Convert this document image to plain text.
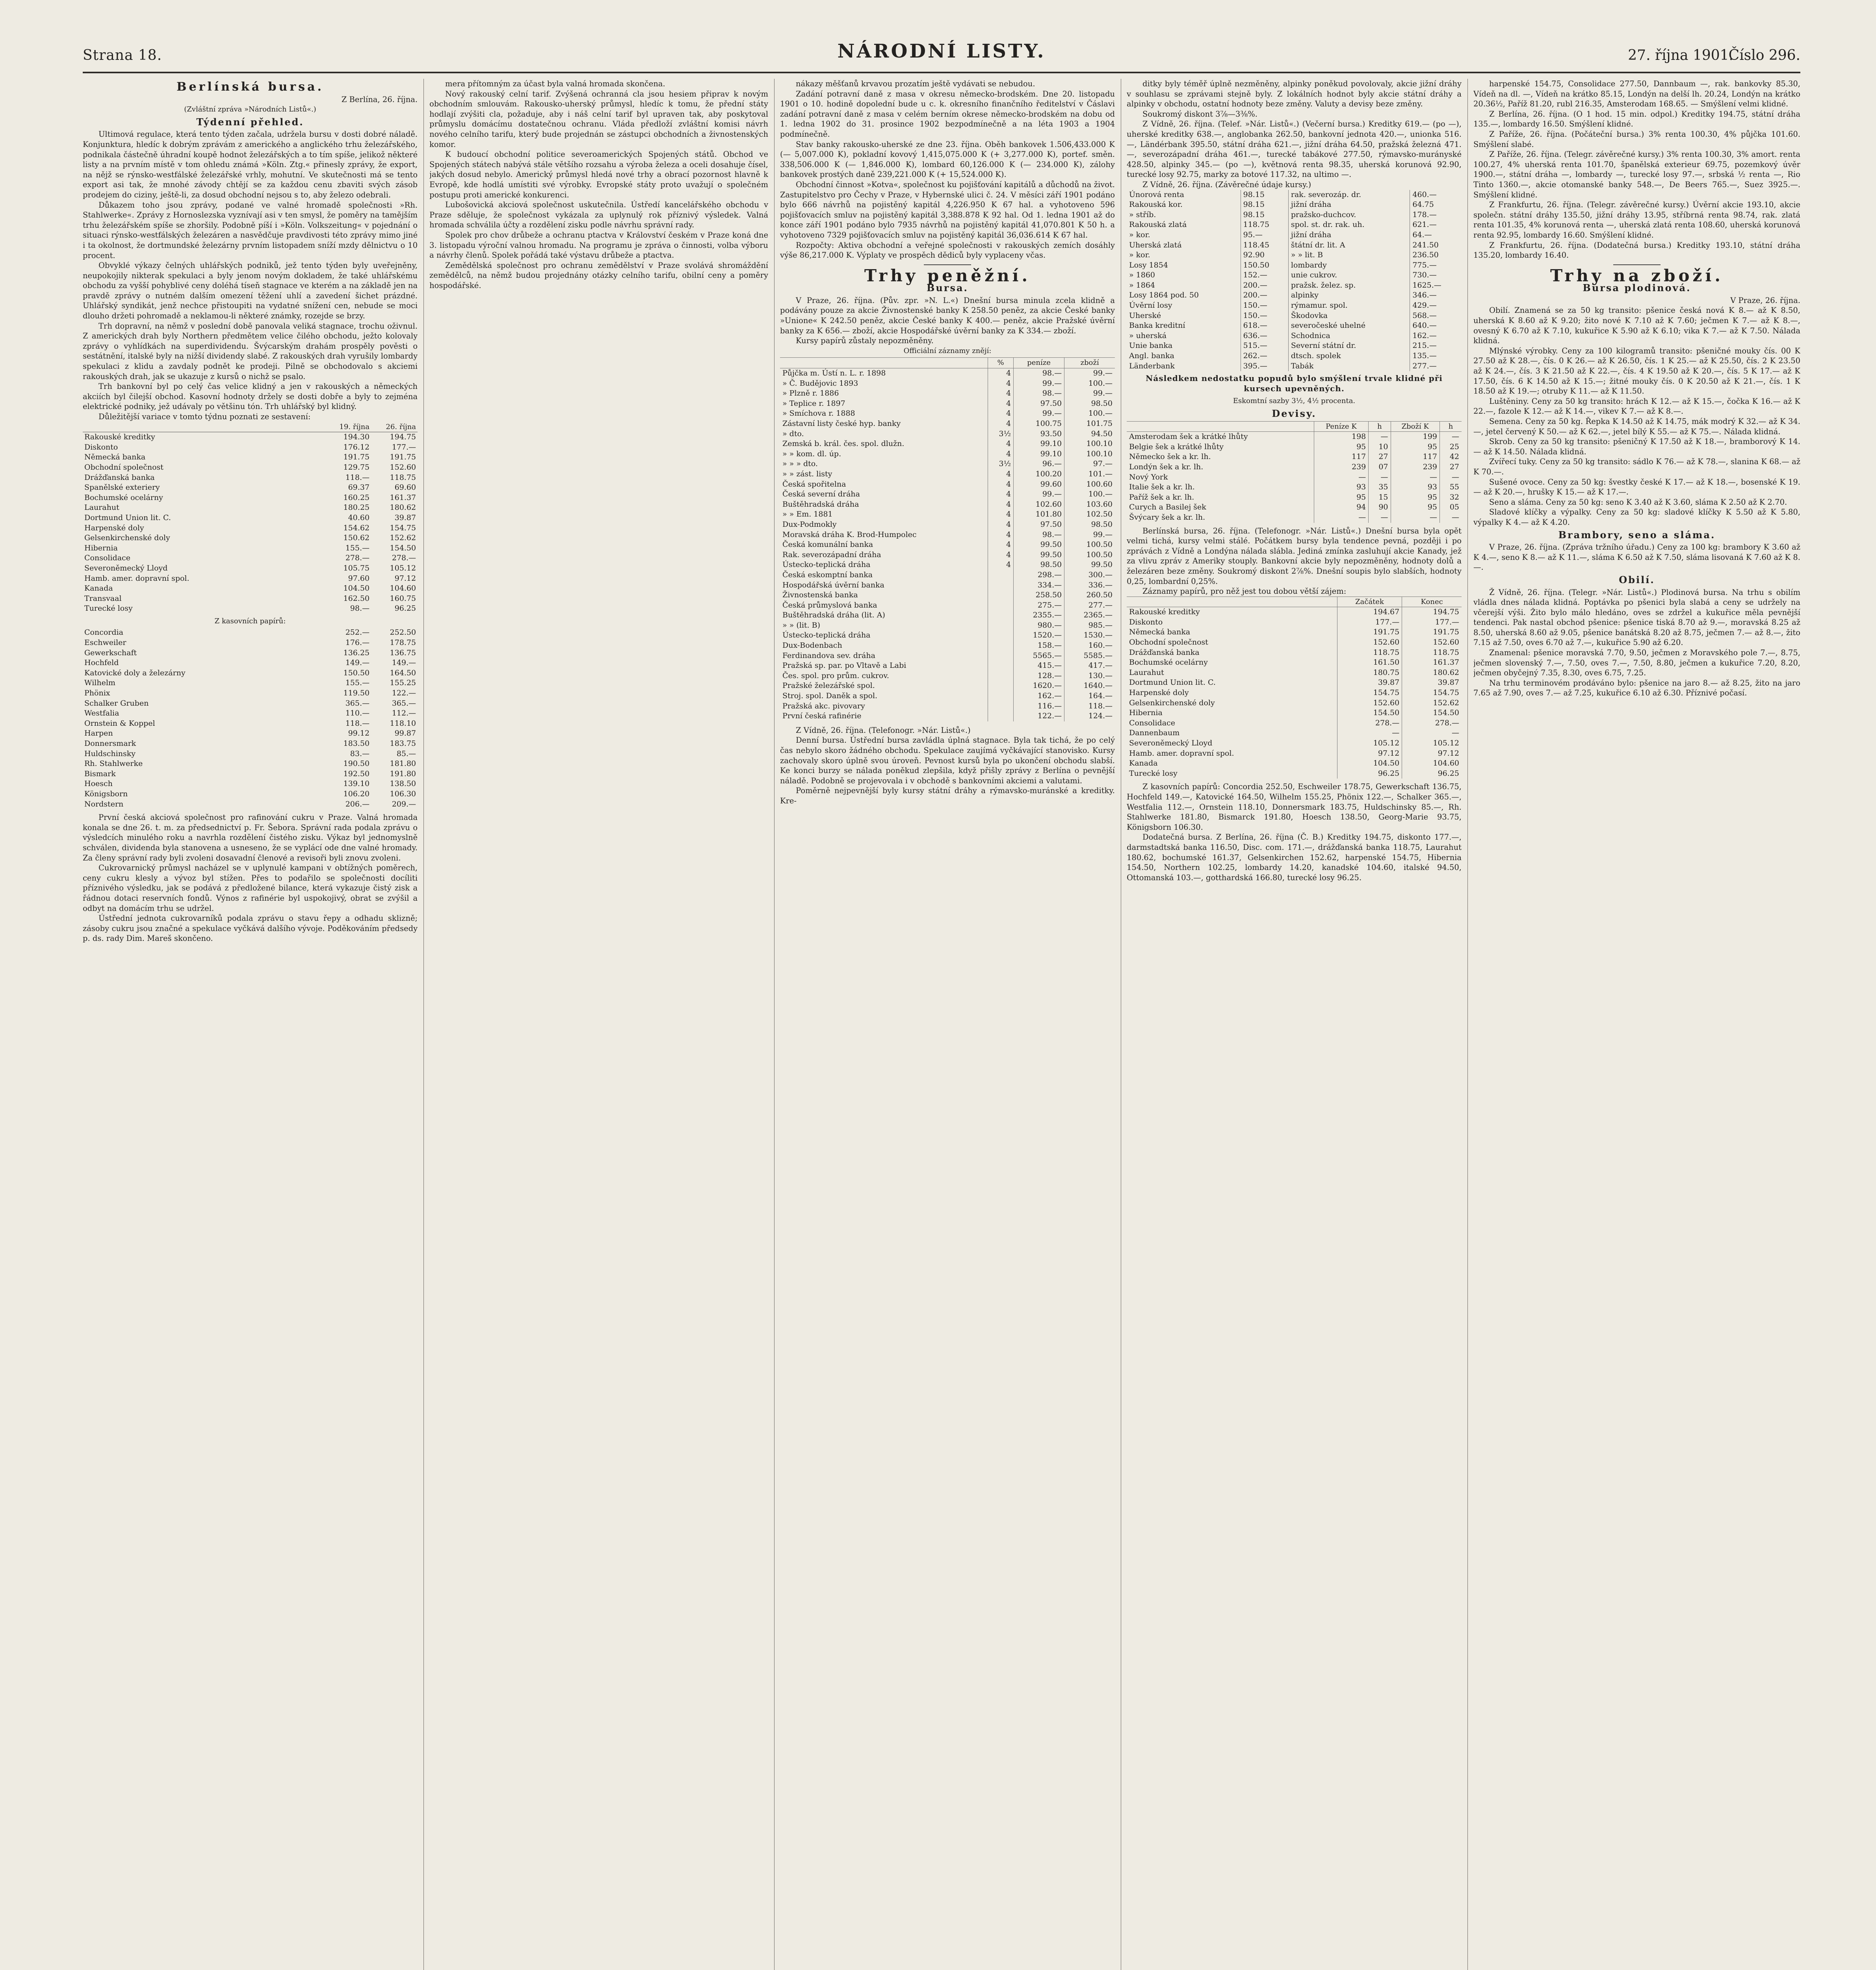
Strana 18.	NÁRODNÍ LISTY.	27. října 1901.
Číslo 296.
Berlínská bursa.
Z Berlína, 26. října.
(Zvláštní zpráva »Národních Listů«.)
Týdenní přehled.

Ultimová regulace, která tento týden začala, udržela bursu v dosti dobré náladě. Konjunktura, hledíc k dobrým zprávám z amerického a anglického trhu železářského, podnikala částečně úhradní koupě hodnot železářských a to tím spíše, jelikož některé listy a na prvním místě v tom ohledu známá »Köln. Ztg.« přinesly zprávy, že export, na nějž se rýnsko-westfálské železářské vrhly, mohutní. Ve skutečnosti má se tento export asi tak, že mnohé závody chtějí se za každou cenu zbaviti svých zásob prodejem do ciziny, ještě-li, za dosud obchodní nejsou s to, aby železo odebrali.

Důkazem toho jsou zprávy, podané ve valné hromadě společnosti »Rh. Stahlwerke«. Zprávy z Hornoslezska vyznívají asi v ten smysl, že poměry na tamějším trhu železářském spíše se zhoršily. Podobně píší i »Köln. Volkszeitung« v pojednání o situaci rýnsko-westfálských železáren a nasvědčuje pravdivosti této zprávy mimo jiné i ta okolnost, že dortmundské železárny prvním listopadem sníží mzdy dělnictvu o 10 procent.

Obvyklé výkazy čelných uhlářských podniků, jež tento týden byly uveřejněny, neupokojily nikterak spekulaci a byly jenom novým dokladem, že také uhlářskému obchodu za vyšší pohyblivé ceny doléhá tíseň stagnace ve kterém a na základě jen na pravdě zprávy o nutném dalším omezení těžení uhlí a zavedení šichet prázdné. Uhlářský syndikát, jenž nechce přistoupiti na vydatné snížení cen, nebude se moci dlouho držeti pohromadě a neklamou-li některé známky, rozejde se brzy.

Trh dopravní, na němž v poslední době panovala veliká stagnace, trochu oživnul. Z amerických drah byly Northern předmětem velice čilého obchodu, ježto kolovaly zprávy o vyhlídkách na superdividendu. Švýcarským drahám prospěly pověsti o sestátnění, italské byly na nižší dividendy slabé. Z rakouských drah vyrušily lombardy spekulaci z klidu a zavdaly podnět ke prodeji. Pilně se obchodovalo s akciemi rakouských drah, jak se ukazuje z kursů o nichž se psalo.

Trh bankovní byl po celý čas velice klidný a jen v rakouských a německých akciích byl čilejší obchod. Kasovní hodnoty držely se dosti dobře a byly to zejména elektrické podniky, jež udávaly po většinu tón. Trh uhlářský byl klidný.

Důležitější variace v tomto týdnu poznati ze sestavení:

	19. října	26. října
Rakouské kreditky	194.30	194.75
Diskonto	176.12	177.—
Německá banka	191.75	191.75
Obchodní společnost	129.75	152.60
Drážďanská banka	118.—	118.75
Spanělské exteriery	69.37	69.60
Bochumské ocelárny	160.25	161.37
Laurahut	180.25	180.62
Dortmund Union lit. C.	40.60	39.87
Harpenské doly	154.62	154.75
Gelsenkirchenské doly	150.62	152.62
Hibernia	155.—	154.50
Consolidace	278.—	278.—
Severoněmecký Lloyd	105.75	105.12
Hamb. amer. dopravní spol.	97.60	97.12
Kanada	104.50	104.60
Transvaal	162.50	160.75
Turecké losy	98.—	96.25
Z kasovních papírů:
Concordia	252.—	252.50
Eschweiler	176.—	178.75
Gewerkschaft	136.25	136.75
Hochfeld	149.—	149.—
Katovické doly a železárny	150.50	164.50
Wilhelm	155.—	155.25
Phönix	119.50	122.—
Schalker Gruben	365.—	365.—
Westfalia	110.—	112.—
Ornstein & Koppel	118.—	118.10
Harpen	99.12	99.87
Donnersmark	183.50	183.75
Huldschinsky	83.—	85.—
Rh. Stahlwerke	190.50	181.80
Bismark	192.50	191.80
Hoesch	139.10	138.50
Königsborn	106.20	106.30
Nordstern	206.—	209.—

První česká akciová společnost pro rafinování cukru v Praze. Valná hromada konala se dne 26. t. m. za předsednictví p. Fr. Šebora. Správní rada podala zprávu o výsledcích minulého roku a navrhla rozdělení čistého zisku. Výkaz byl jednomyslně schválen, dividenda byla stanovena a usneseno, že se vyplácí ode dne valné hromady. Za členy správní rady byli zvoleni dosavadní členové a revisoři byli znovu zvoleni.

Cukrovarnický průmysl nacházel se v uplynulé kampani v obtížných poměrech, ceny cukru klesly a vývoz byl stížen. Přes to podařilo se společnosti docíliti příznivého výsledku, jak se podává z předložené bilance, která vykazuje čistý zisk a řádnou dotaci reservních fondů. Výnos z rafinérie byl uspokojivý, obrat se zvýšil a odbyt na domácím trhu se udržel.

Ústřední jednota cukrovarníků podala zprávu o stavu řepy a odhadu sklizně; zásoby cukru jsou značné a spekulace vyčkává dalšího vývoje. Poděkováním předsedy p. ds. rady Dim. Mareš skončeno.

mera přítomným za účast byla valná hromada skončena.

Nový rakouský celní tarif. Zvýšená ochranná cla jsou hesiem připrav k novým obchodním smlouvám. Rakousko-uherský průmysl, hledíc k tomu, že přední státy hodlají zvýšiti cla, požaduje, aby i náš celní tarif byl upraven tak, aby poskytoval průmyslu domácímu dostatečnou ochranu. Vláda předloží zvláštní komisi návrh nového celního tarifu, který bude projednán se zástupci obchodních a živnostenských komor.

K budoucí obchodní politice severoamerických Spojených států. Obchod ve Spojených státech nabývá stále většího rozsahu a výroba železa a oceli dosahuje čísel, jakých dosud nebylo. Americký průmysl hledá nové trhy a obrací pozornost hlavně k Evropě, kde hodlá umístiti své výrobky. Evropské státy proto uvažují o společném postupu proti americké konkurenci.

Lubošovická akciová společnost uskutečnila. Ústředí kancelářského obchodu v Praze sděluje, že společnost vykázala za uplynulý rok příznivý výsledek. Valná hromada schválila účty a rozdělení zisku podle návrhu správní rady.

Spolek pro chov drůbeže a ochranu ptactva v Království českém v Praze koná dne 3. listopadu výroční valnou hromadu. Na programu je zpráva o činnosti, volba výboru a návrhy členů. Spolek pořádá také výstavu drůbeže a ptactva.

Zemědělská společnost pro ochranu zemědělství v Praze svolává shromáždění zemědělců, na němž budou projednány otázky celního tarifu, obilní ceny a poměry hospodářské.

nákazy měšťanů krvavou prozatím ještě vydávati se nebudou.

Zadání potravní daně z masa v okresu německo-brodském. Dne 20. listopadu 1901 o 10. hodině dopolední bude u c. k. okresního finančního ředitelství v Čáslavi zadání potravní daně z masa v celém berním okrese německo-brodském na dobu od 1. ledna 1902 do 31. prosince 1902 bezpodmínečně a na léta 1903 a 1904 podmínečně.

Stav banky rakousko-uherské ze dne 23. října. Oběh bankovek 1.506,433.000 K (— 5,007.000 K), pokladní kovový 1,415,075.000 K (+ 3,277.000 K), portef. směn. 338,506.000 K (— 1,846.000 K), lombard 60,126.000 K (— 234.000 K), zálohy bankovek prostých daně 239,221.000 K (+ 15,524.000 K).

Obchodní činnost »Kotva«, společnost ku pojišťování kapitálů a důchodů na život. Zastupitelstvo pro Čechy v Praze, v Hybernské ulici č. 24. V měsíci září 1901 podáno bylo 666 návrhů na pojistěný kapitál 4,226.950 K 67 hal. a vyhotoveno 596 pojišťovacích smluv na pojistěný kapitál 3,388.878 K 92 hal. Od 1. ledna 1901 až do konce září 1901 podáno bylo 7935 návrhů na pojistěný kapitál 41,070.801 K 50 h. a vyhotoveno 7329 pojišťovacích smluv na pojistěný kapitál 36,036.614 K 67 hal.

Rozpočty: Aktiva obchodní a veřejné společnosti v rakouských zemích dosáhly výše 86,217.000 K. Výplaty ve prospěch dědiců byly vyplaceny včas.

Trhy peněžní.
Bursa.

V Praze, 26. října. (Pův. zpr. »N. L.«) Dnešní bursa minula zcela klidně a podávány pouze za akcie Živnostenské banky K 258.50 peněz, za akcie České banky »Unione« K 242.50 peněz, akcie České banky K 400.— peněz, akcie Pražské úvěrní banky za K 656.— zboží, akcie Hospodářské úvěrní banky za K 334.— zboží.

Kursy papírů zůstaly nepozměněny.

Officiální záznamy znějí:
	%	peníze	zboží
Půjčka m. Ústí n. L. r. 1898	4	98.—	99.—
» Č. Budějovic 1893	4	99.—	100.—
» Plzně r. 1886	4	98.—	99.—
» Teplice r. 1897	4	97.50	98.50
» Smíchova r. 1888	4	99.—	100.—
Zástavní listy české hyp. banky	4	100.75	101.75
» dto.	3½	93.50	94.50
Zemská b. král. čes. spol. dlužn.	4	99.10	100.10
» » kom. dl. úp.	4	99.10	100.10
» » » dto.	3½	96.—	97.—
» » zást. listy	4	100.20	101.—
Česká spořitelna	4	99.60	100.60
Česká severní dráha	4	99.—	100.—
Buštěhradská dráha	4	102.60	103.60
» » Em. 1881	4	101.80	102.50
Dux-Podmokly	4	97.50	98.50
Moravská dráha K. Brod-Humpolec	4	98.—	99.—
Česká komunální banka	4	99.50	100.50
Rak. severozápadní dráha	4	99.50	100.50
Ústecko-teplická dráha	4	98.50	99.50
Česká eskomptní banka		298.—	300.—
Hospodářská úvěrní banka		334.—	336.—
Živnostenská banka		258.50	260.50
Česká průmyslová banka		275.—	277.—
Buštěhradská dráha (lit. A)		2355.—	2365.—
» » (lit. B)		980.—	985.—
Ústecko-teplická dráha		1520.—	1530.—
Dux-Bodenbach		158.—	160.—
Ferdinandova sev. dráha		5565.—	5585.—
Pražská sp. par. po Vltavě a Labi		415.—	417.—
Čes. spol. pro prům. cukrov.		128.—	130.—
Pražské železářské spol.		1620.—	1640.—
Stroj. spol. Daněk a spol.		162.—	164.—
Pražská akc. pivovary		116.—	118.—
První česká rafinérie		122.—	124.—

Z Vídně, 26. října. (Telefonogr. »Nár. Listů«.)

Denní bursa. Ústřední bursa zavládla úplná stagnace. Byla tak tichá, že po celý čas nebylo skoro žádného obchodu. Spekulace zaujímá vyčkávající stanovisko. Kursy zachovaly skoro úplně svou úroveň. Pevnost kursů byla po ukončení obchodu slabší. Ke konci burzy se nálada poněkud zlepšila, když přišly zprávy z Berlína o pevnější náladě. Podobně se projevovala i v obchodě s bankovními akciemi a valutami.

Poměrně nejpevnější byly kursy státní dráhy a rýmavsko-muránské a kreditky. Kre-

ditky byly téměř úplně nezměněny, alpinky poněkud povolovaly, akcie jižní dráhy v souhlasu se zprávami stejně byly. Z lokálních hodnot byly akcie státní dráhy a alpinky v obchodu, ostatní hodnoty beze změny. Valuty a devisy beze změny.

Soukromý diskont 3⅞—3⅜%.

Z Vídně, 26. října. (Telef. »Nár. Listů«.) (Večerní bursa.) Kreditky 619.— (po —), uherské kreditky 638.—, anglobanka 262.50, bankovní jednota 420.—, unionka 516.—, Ländérbank 395.50, státní dráha 621.—, jižní dráha 64.50, pražská železná 471.—, severozápadní dráha 461.—, turecké tabákové 277.50, rýmavsko-murányské 428.50, alpinky 345.— (po —), květnová renta 98.35, uherská korunová 92.90, turecké losy 92.75, marky za botové 117.32, na ultimo —.

Z Vídně, 26. října. (Závěrečné údaje kursy.)

Únorová renta	98.15	rak. severozáp. dr.	460.—
Rakouská kor.	98.15	jižní dráha	64.75
» stříb.	98.15	pražsko-duchcov.	178.—
Rakouská zlatá	118.75	spol. st. dr. rak. uh.	621.—
» kor.	95.—	jižní dráha	64.—
Uherská zlatá	118.45	štátní dr. lit. A	241.50
» kor.	92.90	» » lit. B	236.50
Losy 1854	150.50	lombardy	775.—
» 1860	152.—	unie cukrov.	730.—
» 1864	200.—	pražsk. želez. sp.	1625.—
Losy 1864 pod. 50	200.—	alpinky	346.—
Úvěrní losy	150.—	rýmamur. spol.	429.—
Uherské	150.—	Škodovka	568.—
Banka kreditní	618.—	severočeské uhelné	640.—
» uherská	636.—	Schodnica	162.—
Unie banka	515.—	Severní státní dr.	215.—
Angl. banka	262.—	dtsch. spolek	135.—
Länderbank	395.—	Tabák	277.—
Následkem nedostatku popudů bylo smýšlení trvale klidné při kursech upevněných.
Eskomtní sazby 3½, 4½ procenta.
Devisy.
	Peníze K	h	Zboží K	h
Amsterodam šek a krátké lhůty	198	—	199	—
Belgie šek a krátké lhůty	95	10	95	25
Německo šek a kr. lh.	117	27	117	42
Londýn šek a kr. lh.	239	07	239	27
Nový York	—	—	—	—
Italie šek a kr. lh.	93	35	93	55
Paříž šek a kr. lh.	95	15	95	32
Curych a Basilej šek	94	90	95	05
Švýcary šek a kr. lh.	—	—	—	—

Berlínská bursa, 26. října. (Telefonogr. »Nár. Listů«.) Dnešní bursa byla opět velmi tichá, kursy velmi stálé. Počátkem bursy byla tendence pevná, později i po zprávách z Vídně a Londýna nálada slábla. Jediná zmínka zasluhují akcie Kanady, jež za vlivu zpráv z Ameriky stouply. Bankovní akcie byly nepozměněny, hodnoty dolů a železáren beze změny. Soukromý diskont 2⅞%. Dnešní soupis bylo slabších, hodnoty 0,25, lombardní 0,25%.

Záznamy papírů, pro něž jest tou dobou větší zájem:

	Začátek	Konec
Rakouské kreditky	194.67	194.75
Diskonto	177.—	177.—
Německá banka	191.75	191.75
Obchodní společnost	152.60	152.60
Drážďanská banka	118.75	118.75
Bochumské ocelárny	161.50	161.37
Laurahut	180.75	180.62
Dortmund Union lit. C.	39.87	39.87
Harpenské doly	154.75	154.75
Gelsenkirchenské doly	152.60	152.62
Hibernia	154.50	154.50
Consolidace	278.—	278.—
Dannenbaum	—	—
Severoněmecký Lloyd	105.12	105.12
Hamb. amer. dopravní spol.	97.12	97.12
Kanada	104.50	104.60
Turecké losy	96.25	96.25

Z kasovních papírů: Concordia 252.50, Eschweiler 178.75, Gewerkschaft 136.75, Hochfeld 149.—, Katovické 164.50, Wilhelm 155.25, Phönix 122.—, Schalker 365.—, Westfalia 112.—, Ornstein 118.10, Donnersmark 183.75, Huldschinsky 85.—, Rh. Stahlwerke 181.80, Bismarck 191.80, Hoesch 138.50, Georg-Marie 93.75, Königsborn 106.30.

Dodatečná bursa. Z Berlína, 26. října (Č. B.) Kreditky 194.75, diskonto 177.—, darmstadtská banka 116.50, Disc. com. 171.—, drážďanská banka 118.75, Laurahut 180.62, bochumské 161.37, Gelsenkirchen 152.62, harpenské 154.75, Hibernia 154.50, Northern 102.25, lombardy 14.20, kanadské 104.60, italské 94.50, Ottomanská 103.—, gotthardská 166.80, turecké losy 96.25.

harpenské 154.75, Consolidace 277.50, Dannbaum —, rak. bankovky 85.30, Vídeň na dl. —, Vídeň na krátko 85.15, Londýn na delší lh. 20.24, Londýn na krátko 20.36½, Paříž 81.20, rubl 216.35, Amsterodam 168.65. — Smýšlení velmi klidné.

Z Berlína, 26. října. (O 1 hod. 15 min. odpol.) Kreditky 194.75, státní dráha 135.—, lombardy 16.50. Smýšlení klidné.

Z Paříže, 26. října. (Počáteční bursa.) 3% renta 100.30, 4% půjčka 101.60. Smýšlení slabé.

Z Paříže, 26. října. (Telegr. závěrečné kursy.) 3% renta 100.30, 3% amort. renta 100.27, 4% uherská renta 101.70, španělská exterieur 69.75, pozemkový úvěr 1900.—, státní dráha —, lombardy —, turecké losy 97.—, srbská ½ renta —, Rio Tinto 1360.—, akcie otomanské banky 548.—, De Beers 765.—, Suez 3925.—. Smýšlení klidné.

Z Frankfurtu, 26. října. (Telegr. závěrečné kursy.) Úvěrní akcie 193.10, akcie společn. státní dráhy 135.50, jižní dráhy 13.95, stříbrná renta 98.74, rak. zlatá renta 101.35, 4% korunová renta —, uherská zlatá renta 108.60, uherská korunová renta 92.95, lombardy 16.60. Smýšlení klidné.

Z Frankfurtu, 26. října. (Dodatečná bursa.) Kreditky 193.10, státní dráha 135.20, lombardy 16.40.

Trhy na zboží.
Bursa plodinová.
V Praze, 26. října.

Obilí. Znamená se za 50 kg transito: pšenice česká nová K 8.— až K 8.50, uherská K 8.60 až K 9.20; žito nové K 7.10 až K 7.60; ječmen K 7.— až K 8.—, ovesný K 6.70 až K 7.10, kukuřice K 5.90 až K 6.10; vika K 7.— až K 7.50. Nálada klidná.

Mlýnské výrobky. Ceny za 100 kilogramů transito: pšeničné mouky čís. 00 K 27.50 až K 28.—, čís. 0 K 26.— až K 26.50, čís. 1 K 25.— až K 25.50, čís. 2 K 23.50 až K 24.—, čís. 3 K 21.50 až K 22.—, čís. 4 K 19.50 až K 20.—, čís. 5 K 17.— až K 17.50, čís. 6 K 14.50 až K 15.—; žitné mouky čís. 0 K 20.50 až K 21.—, čís. 1 K 18.50 až K 19.—; otruby K 11.— až K 11.50.

Luštěniny. Ceny za 50 kg transito: hrách K 12.— až K 15.—, čočka K 16.— až K 22.—, fazole K 12.— až K 14.—, vikev K 7.— až K 8.—.

Semena. Ceny za 50 kg. Řepka K 14.50 až K 14.75, mák modrý K 32.— až K 34.—, jetel červený K 50.— až K 62.—, jetel bílý K 55.— až K 75.—. Nálada klidná.

Skrob. Ceny za 50 kg transito: pšeničný K 17.50 až K 18.—, bramborový K 14.— až K 14.50. Nálada klidná.

Zvířecí tuky. Ceny za 50 kg transito: sádlo K 76.— až K 78.—, slanina K 68.— až K 70.—.

Sušené ovoce. Ceny za 50 kg: švestky české K 17.— až K 18.—, bosenské K 19.— až K 20.—, hrušky K 15.— až K 17.—.

Seno a sláma. Ceny za 50 kg: seno K 3.40 až K 3.60, sláma K 2.50 až K 2.70.

Sladové klíčky a výpalky. Ceny za 50 kg: sladové klíčky K 5.50 až K 5.80, výpalky K 4.— až K 4.20.

Brambory, seno a sláma.

V Praze, 26. října. (Zpráva tržního úřadu.) Ceny za 100 kg: brambory K 3.60 až K 4.—, seno K 8.— až K 11.—, sláma K 6.50 až K 7.50, sláma lisovaná K 7.60 až K 8.—.

Obilí.

Ž Vídně, 26. října. (Telegr. »Nár. Listů«.) Plodinová bursa. Na trhu s obilím vládla dnes nálada klidná. Poptávka po pšenici byla slabá a ceny se udržely na včerejší výši. Žito bylo málo hledáno, oves se zdržel a kukuřice měla pevnější tendenci. Pak nastal obchod pšenice: pšenice tiská 8.70 až 9.—, moravská 8.25 až 8.50, uherská 8.60 až 9.05, pšenice banátská 8.20 až 8.75, ječmen 7.— až 8.—, žito 7.15 až 7.50, oves 6.70 až 7.—, kukuřice 5.90 až 6.20.

Znamenal: pšenice moravská 7.70, 9.50, ječmen z Moravského pole 7.—, 8.75, ječmen slovenský 7.—, 7.50, oves 7.—, 7.50, 8.80, ječmen a kukuřice 7.20, 8.20, ječmen obyčejný 7.35, 8.30, oves 6.75, 7.25.

Na trhu terminovém prodáváno bylo: pšenice na jaro 8.— až 8.25, žito na jaro 7.65 až 7.90, oves 7.— až 7.25, kukuřice 6.10 až 6.30. Příznivé počasí.
